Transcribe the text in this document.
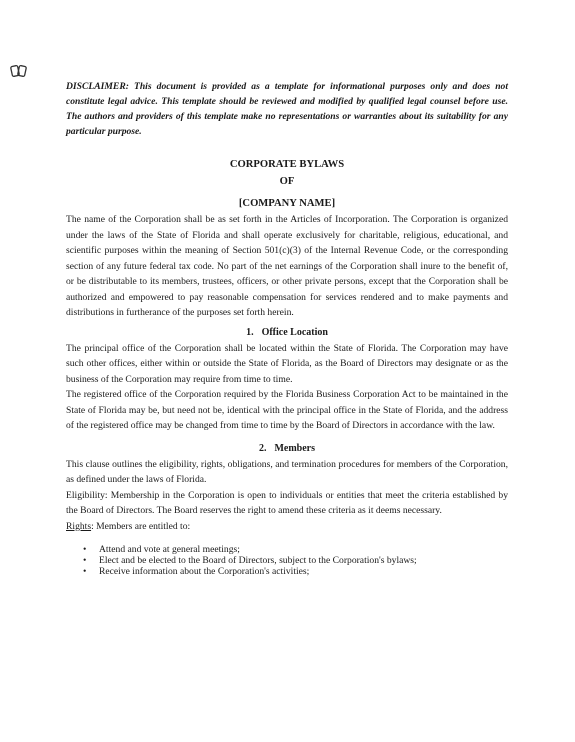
DISCLAIMER: This document is provided as a template for informational purposes only and does not constitute legal advice. This template should be reviewed and modified by qualified legal counsel before use. The authors and providers of this template make no representations or warranties about its suitability for any particular purpose.

CORPORATE BYLAWS
OF
[COMPANY NAME]

The name of the Corporation shall be as set forth in the Articles of Incorporation. The Corporation is organized under the laws of the State of Florida and shall operate exclusively for charitable, religious, educational, and scientific purposes within the meaning of Section 501(c)(3) of the Internal Revenue Code, or the corresponding section of any future federal tax code. No part of the net earnings of the Corporation shall inure to the benefit of, or be distributable to its members, trustees, officers, or other private persons, except that the Corporation shall be authorized and empowered to pay reasonable compensation for services rendered and to make payments and distributions in furtherance of the purposes set forth herein.

1. Office Location

The principal office of the Corporation shall be located within the State of Florida. The Corporation may have such other offices, either within or outside the State of Florida, as the Board of Directors may designate or as the business of the Corporation may require from time to time.

The registered office of the Corporation required by the Florida Business Corporation Act to be maintained in the State of Florida may be, but need not be, identical with the principal office in the State of Florida, and the address of the registered office may be changed from time to time by the Board of Directors in accordance with the law.

2. Members

This clause outlines the eligibility, rights, obligations, and termination procedures for members of the Corporation, as defined under the laws of Florida.

Eligibility: Membership in the Corporation is open to individuals or entities that meet the criteria established by the Board of Directors. The Board reserves the right to amend these criteria as it deems necessary.

Rights: Members are entitled to:

• Attend and vote at general meetings;
• Elect and be elected to the Board of Directors, subject to the Corporation's bylaws;
• Receive information about the Corporation's activities;
